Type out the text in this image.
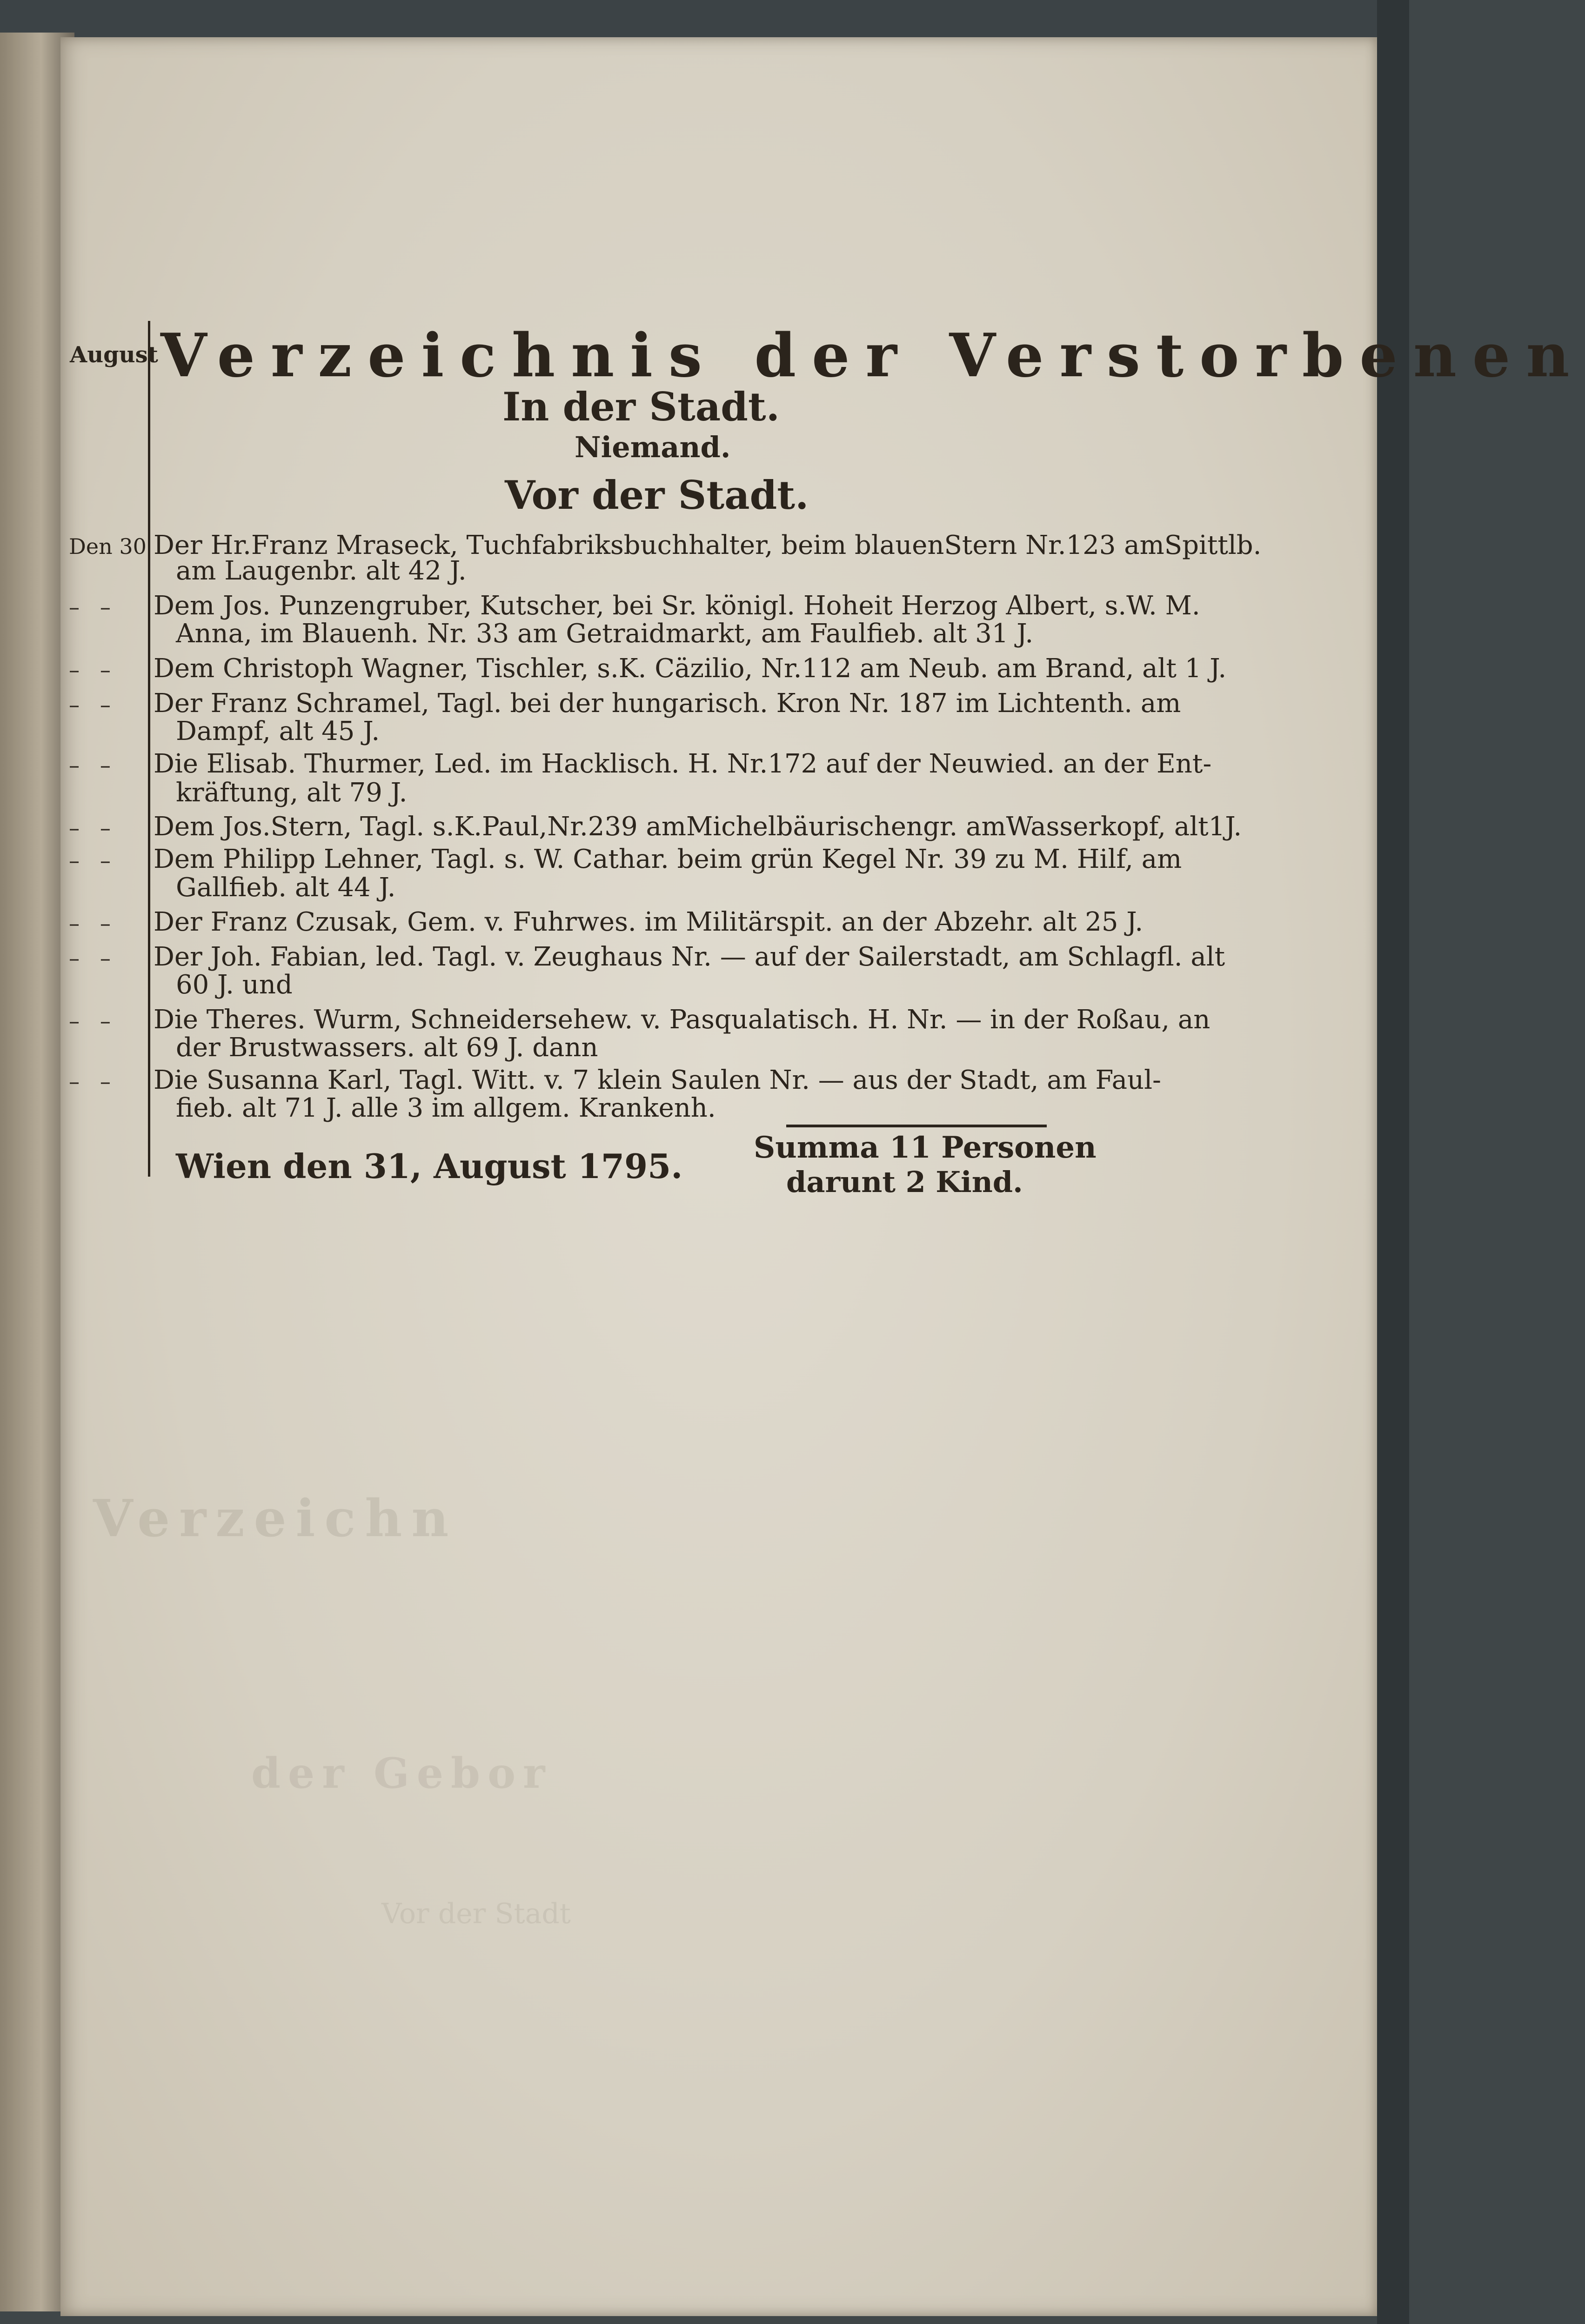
August Verzeichnis der Verstorbenen
In der Stadt.
Niemand.
Vor der Stadt.
Den 30 Der Hr.Franz Mraseck, Tuchfabriksbuchhalter, beim blauenStern Nr.123 amSpittlb.
am Laugenbr. alt 42 J.
–   –	Dem Jos. Punzengruber, Kutscher, bei Sr. königl. Hoheit Herzog Albert, s.W. M.
Anna, im Blauenh. Nr. 33 am Getraidmarkt, am Faulfieb. alt 31 J.
–   –	Dem Christoph Wagner, Tischler, s.K. Cäzilio, Nr.112 am Neub. am Brand, alt 1 J.
–   –	Der Franz Schramel, Tagl. bei der hungarisch. Kron Nr. 187 im Lichtenth. am
Dampf, alt 45 J.
–   –	Die Elisab. Thurmer, Led. im Hacklisch. H. Nr.172 auf der Neuwied. an der Ent-
kräftung, alt 79 J.
–   –	Dem Jos.Stern, Tagl. s.K.Paul,Nr.239 amMichelbäurischengr. amWasserkopf, alt1J.
–   –	Dem Philipp Lehner, Tagl. s. W. Cathar. beim grün Kegel Nr. 39 zu M. Hilf, am
Gallfieb. alt 44 J.
–   –	Der Franz Czusak, Gem. v. Fuhrwes. im Militärspit. an der Abzehr. alt 25 J.
–   –	Der Joh. Fabian, led. Tagl. v. Zeughaus Nr. — auf der Sailerstadt, am Schlagfl. alt
60 J. und
–   –	Die Theres. Wurm, Schneidersehew. v. Pasqualatisch. H. Nr. — in der Roßau, an
der Brustwassers. alt 69 J. dann
–   –	Die Susanna Karl, Tagl. Witt. v. 7 klein Saulen Nr. — aus der Stadt, am Faul-
fieb. alt 71 J. alle 3 im allgem. Krankenh.
Summa 11 Personen
darunt 2 Kind.
Wien den 31, August 1795.
Verzeichn
der Gebor
Vor der Stadt
